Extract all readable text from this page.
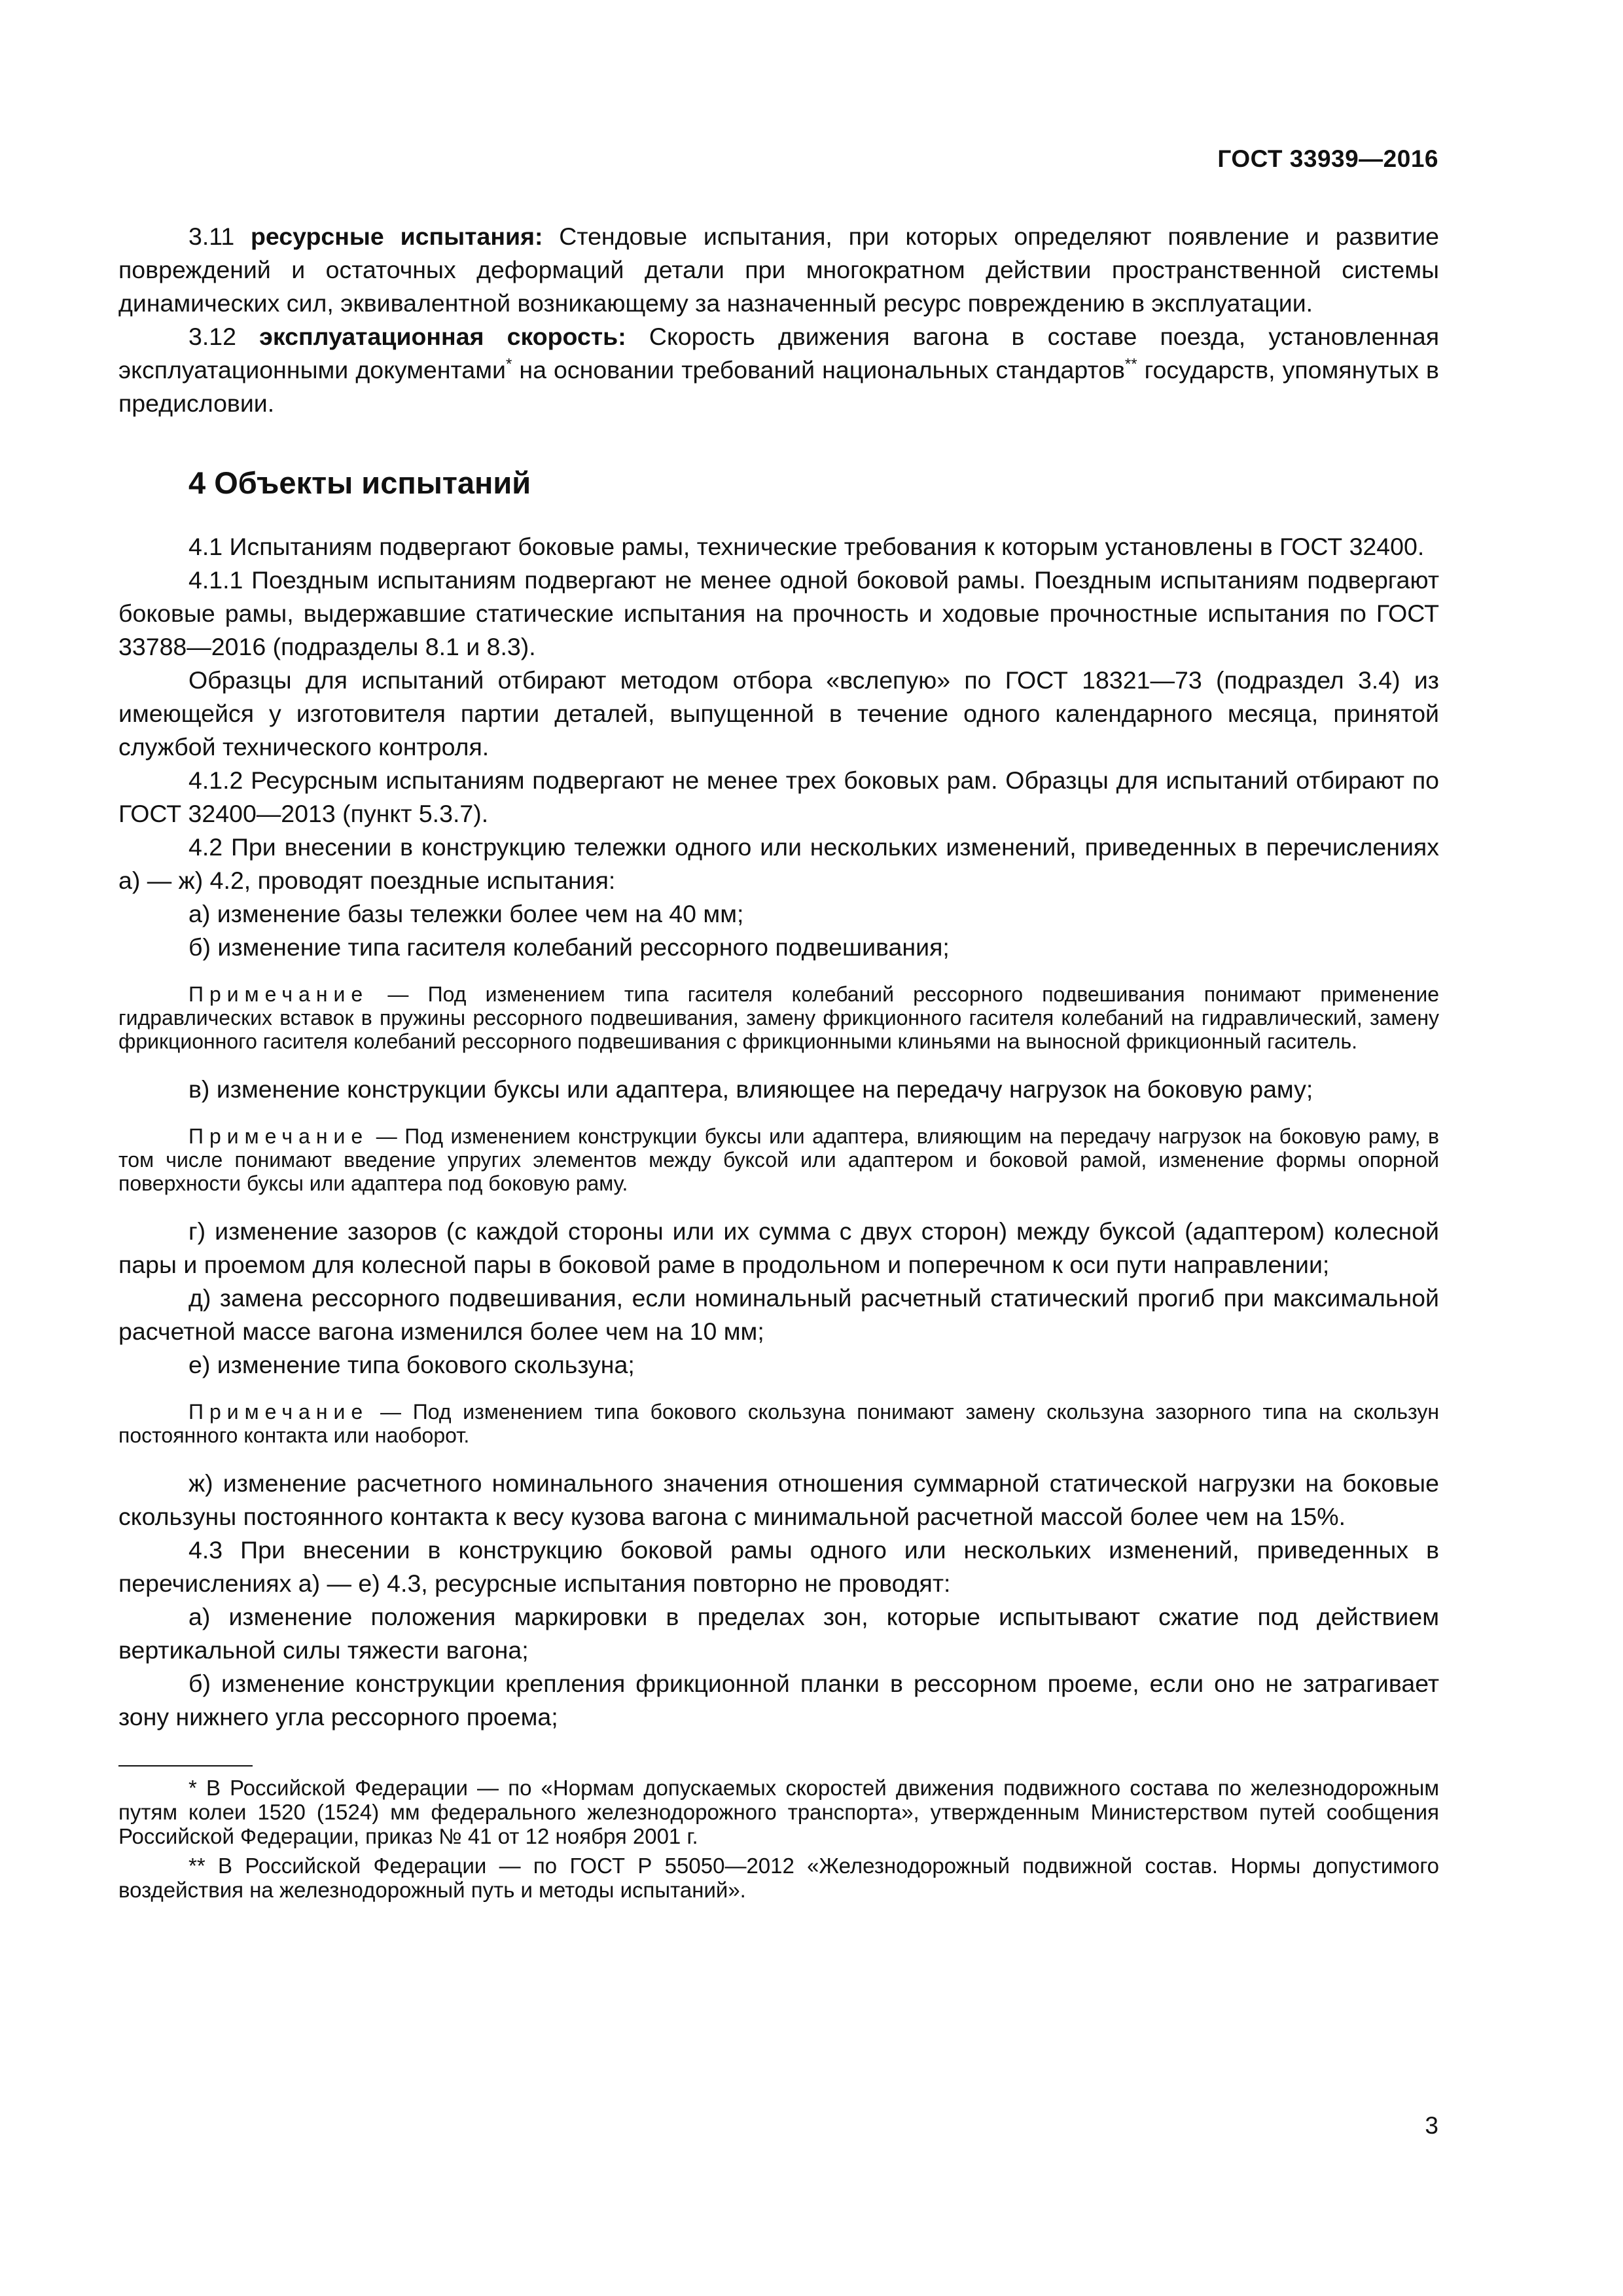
ГОСТ 33939—2016

3.11 ресурсные испытания: Стендовые испытания, при которых определяют появление и развитие повреждений и остаточных деформаций детали при многократном действии пространственной системы динамических сил, эквивалентной возникающему за назначенный ресурс повреждению в эксплуатации.

3.12 эксплуатационная скорость: Скорость движения вагона в составе поезда, установленная эксплуатационными документами* на основании требований национальных стандартов** государств, упомянутых в предисловии.

4 Объекты испытаний

4.1 Испытаниям подвергают боковые рамы, технические требования к которым установлены в ГОСТ 32400.

4.1.1 Поездным испытаниям подвергают не менее одной боковой рамы. Поездным испытаниям подвергают боковые рамы, выдержавшие статические испытания на прочность и ходовые прочностные испытания по ГОСТ 33788—2016 (подразделы 8.1 и 8.3).

Образцы для испытаний отбирают методом отбора «вслепую» по ГОСТ 18321—73 (подраздел 3.4) из имеющейся у изготовителя партии деталей, выпущенной в течение одного календарного месяца, принятой службой технического контроля.

4.1.2 Ресурсным испытаниям подвергают не менее трех боковых рам. Образцы для испытаний отбирают по ГОСТ 32400—2013 (пункт 5.3.7).

4.2 При внесении в конструкцию тележки одного или нескольких изменений, приведенных в перечислениях а) — ж) 4.2, проводят поездные испытания:

а) изменение базы тележки более чем на 40 мм;

б) изменение типа гасителя колебаний рессорного подвешивания;

Примечание — Под изменением типа гасителя колебаний рессорного подвешивания понимают применение гидравлических вставок в пружины рессорного подвешивания, замену фрикционного гасителя колебаний на гидравлический, замену фрикционного гасителя колебаний рессорного подвешивания с фрикционными клиньями на выносной фрикционный гаситель.

в) изменение конструкции буксы или адаптера, влияющее на передачу нагрузок на боковую раму;

Примечание — Под изменением конструкции буксы или адаптера, влияющим на передачу нагрузок на боковую раму, в том числе понимают введение упругих элементов между буксой или адаптером и боковой рамой, изменение формы опорной поверхности буксы или адаптера под боковую раму.

г) изменение зазоров (с каждой стороны или их сумма с двух сторон) между буксой (адаптером) колесной пары и проемом для колесной пары в боковой раме в продольном и поперечном к оси пути направлении;

д) замена рессорного подвешивания, если номинальный расчетный статический прогиб при максимальной расчетной массе вагона изменился более чем на 10 мм;

е) изменение типа бокового скользуна;

Примечание — Под изменением типа бокового скользуна понимают замену скользуна зазорного типа на скользун постоянного контакта или наоборот.

ж) изменение расчетного номинального значения отношения суммарной статической нагрузки на боковые скользуны постоянного контакта к весу кузова вагона с минимальной расчетной массой более чем на 15%.

4.3 При внесении в конструкцию боковой рамы одного или нескольких изменений, приведенных в перечислениях а) — е) 4.3, ресурсные испытания повторно не проводят:

а) изменение положения маркировки в пределах зон, которые испытывают сжатие под действием вертикальной силы тяжести вагона;

б) изменение конструкции крепления фрикционной планки в рессорном проеме, если оно не затрагивает зону нижнего угла рессорного проема;

* В Российской Федерации — по «Нормам допускаемых скоростей движения подвижного состава по железнодорожным путям колеи 1520 (1524) мм федерального железнодорожного транспорта», утвержденным Министерством путей сообщения Российской Федерации, приказ № 41 от 12 ноября 2001 г.
** В Российской Федерации — по ГОСТ Р 55050—2012 «Железнодорожный подвижной состав. Нормы допустимого воздействия на железнодорожный путь и методы испытаний».
3
